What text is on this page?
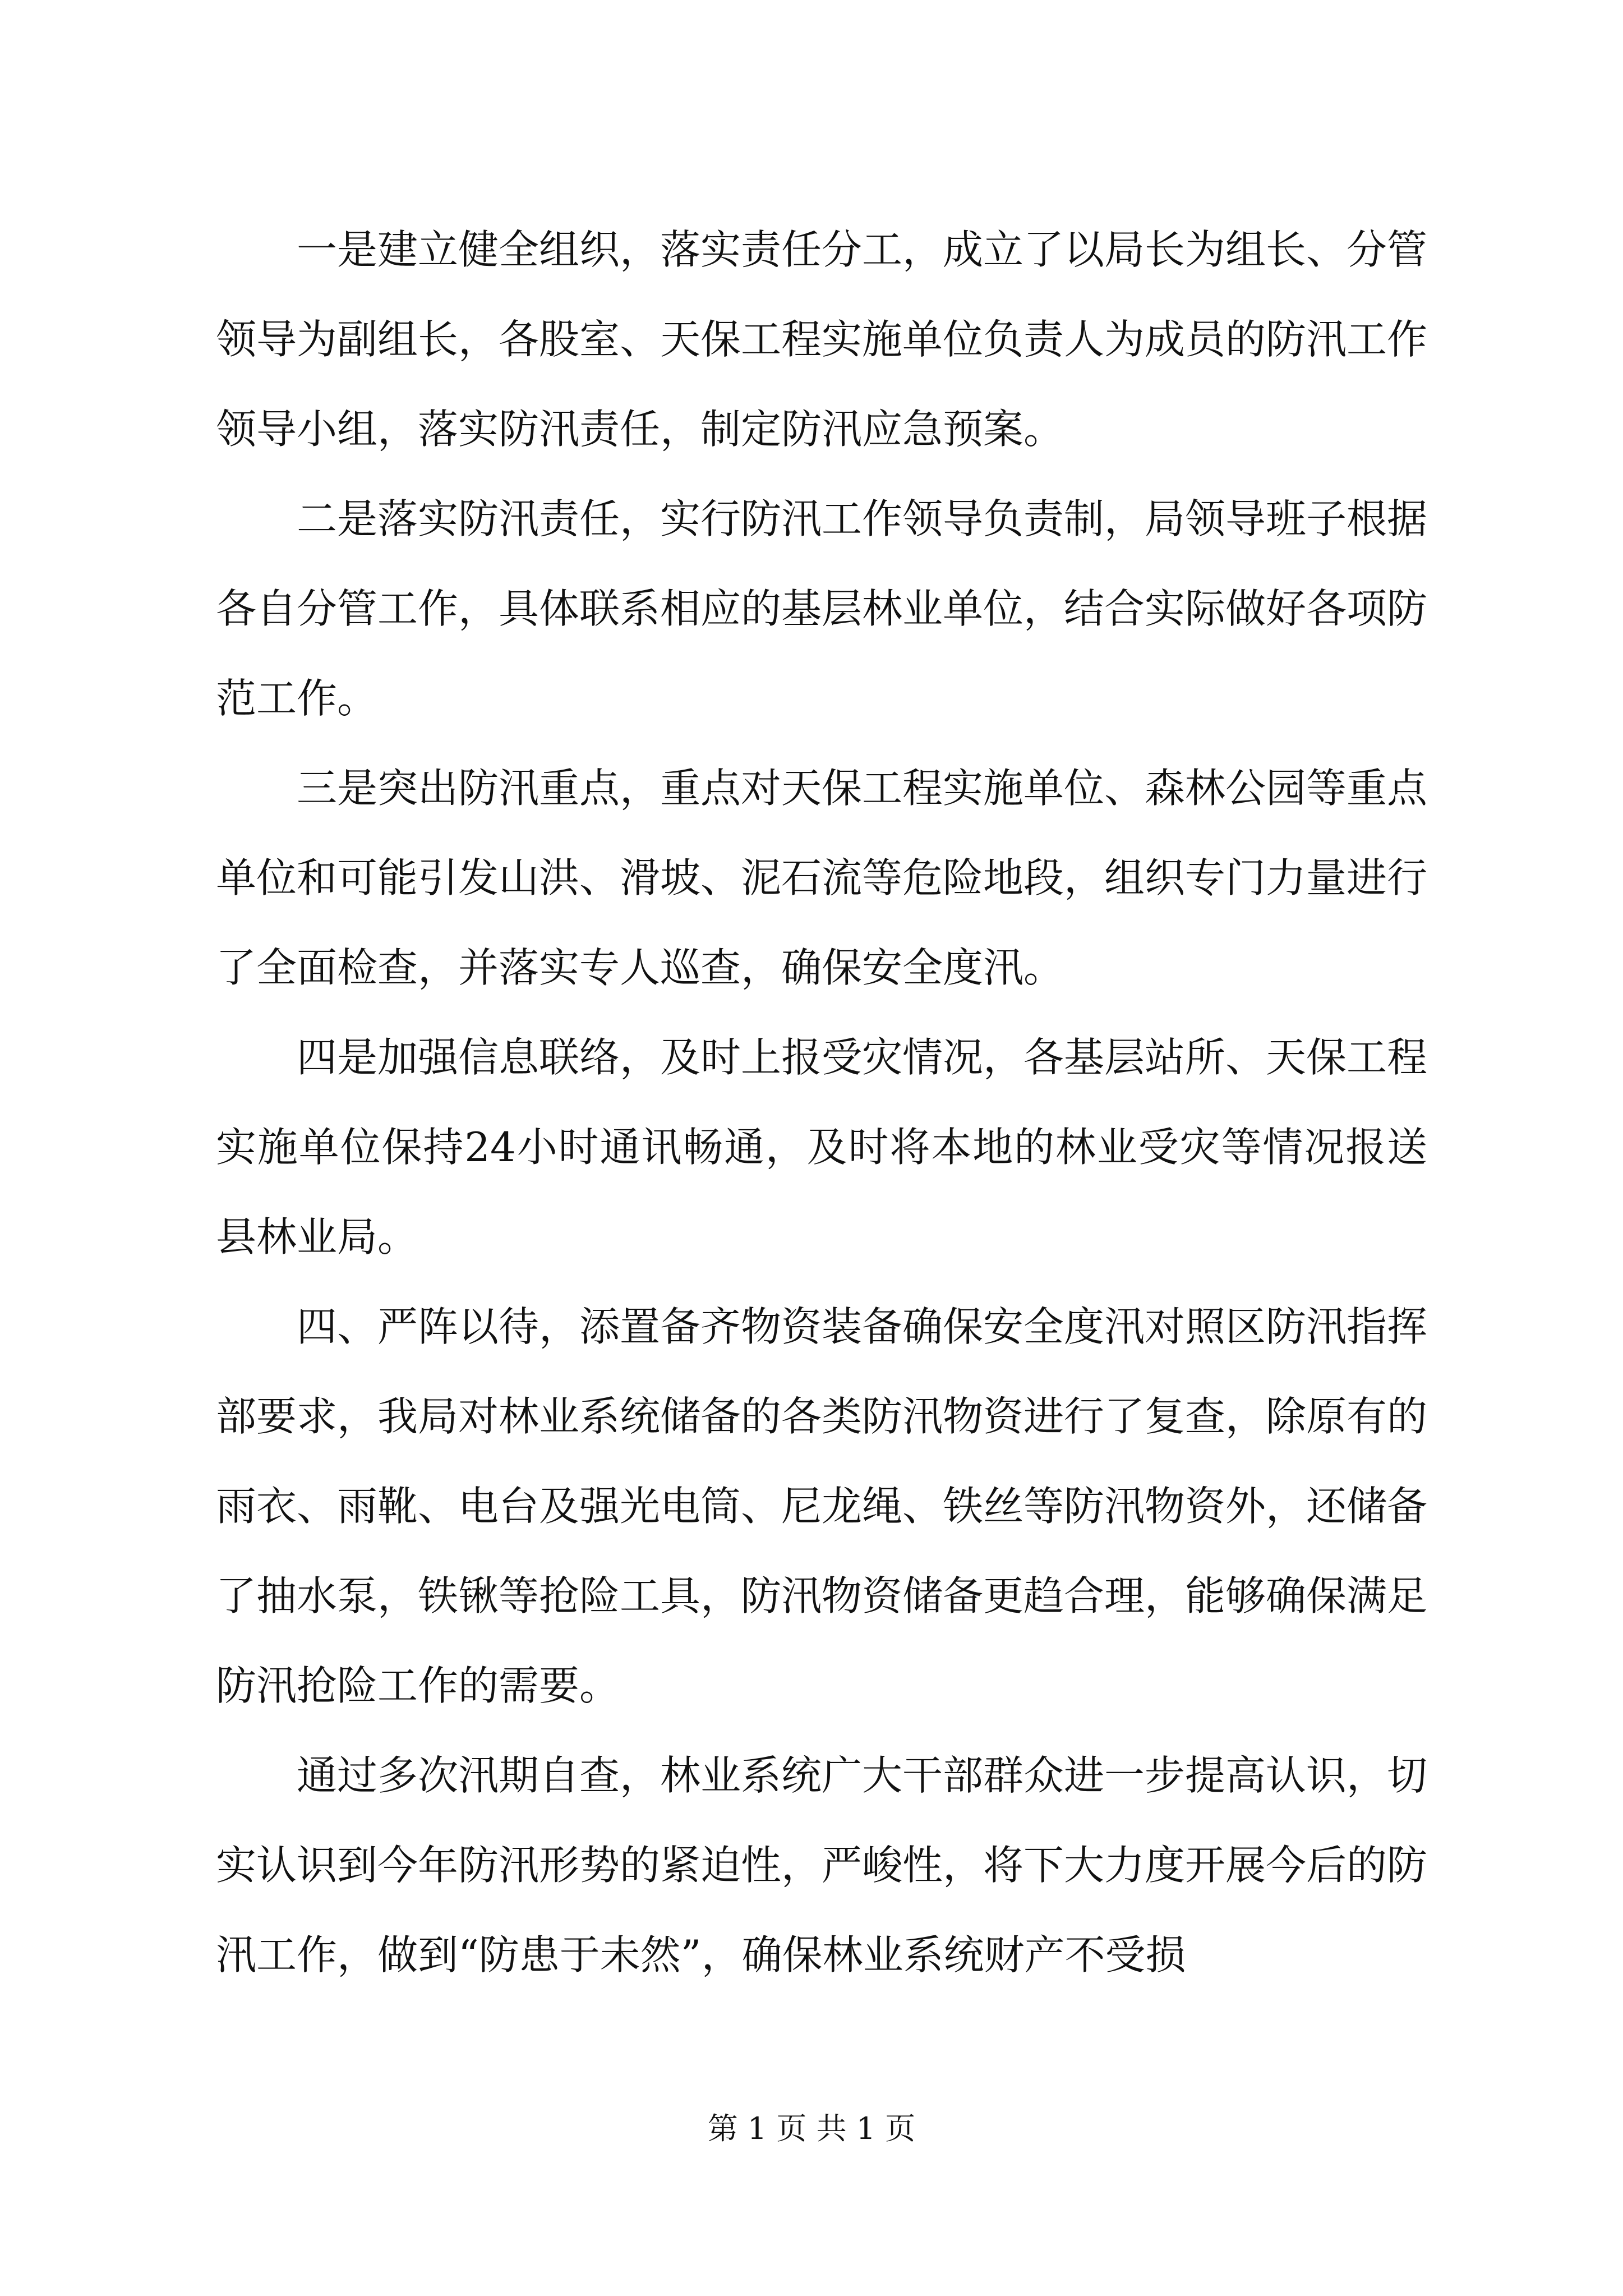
一是建立健全组织，落实责任分工，成立了以局长为组长、分管领导为副组长，各股室、天保工程实施单位负责人为成员的防汛工作领导小组，落实防汛责任，制定防汛应急预案。

二是落实防汛责任，实行防汛工作领导负责制，局领导班子根据各自分管工作，具体联系相应的基层林业单位，结合实际做好各项防范工作。

三是突出防汛重点，重点对天保工程实施单位、森林公园等重点单位和可能引发山洪、滑坡、泥石流等危险地段，组织专门力量进行了全面检查，并落实专人巡查，确保安全度汛。

四是加强信息联络，及时上报受灾情况，各基层站所、天保工程实施单位保持24小时通讯畅通，及时将本地的林业受灾等情况报送县林业局。

四、严阵以待，添置备齐物资装备确保安全度汛对照区防汛指挥部要求，我局对林业系统储备的各类防汛物资进行了复查，除原有的雨衣、雨靴、电台及强光电筒、尼龙绳、铁丝等防汛物资外，还储备了抽水泵，铁锹等抢险工具，防汛物资储备更趋合理，能够确保满足防汛抢险工作的需要。

通过多次汛期自查，林业系统广大干部群众进一步提高认识，切实认识到今年防汛形势的紧迫性，严峻性，将下大力度开展今后的防汛工作，做到“防患于未然”，确保林业系统财产不受损

第 1 页 共 1 页
